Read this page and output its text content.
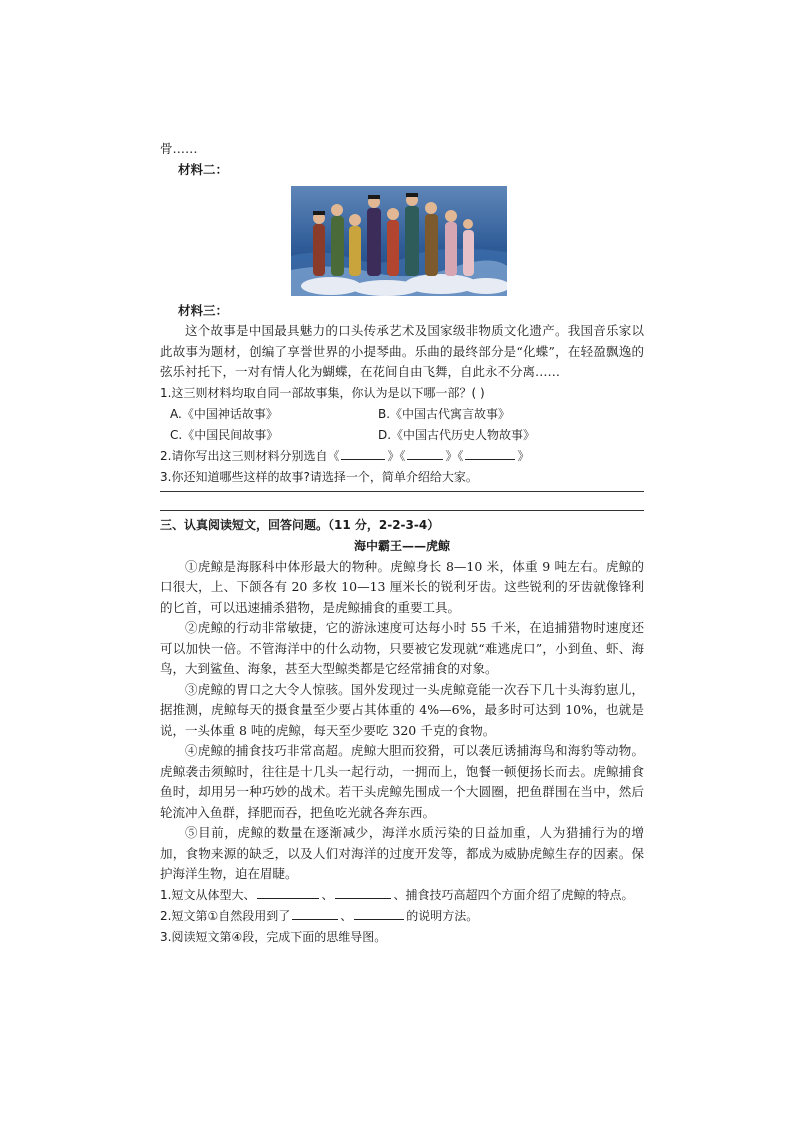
骨……
材料二：
材料三：
这个故事是中国最具魅力的口头传承艺术及国家级非物质文化遗产。我国音乐家以此故事为题材，创编了享誉世界的小提琴曲。乐曲的最终部分是“化蝶”，在轻盈飘逸的弦乐衬托下，一对有情人化为蝴蝶，在花间自由飞舞，自此永不分离……
1.这三则材料均取自同一部故事集，你认为是以下哪一部？( )
A.《中国神话故事》	B.《中国古代寓言故事》
C.《中国民间故事》	D.《中国古代历史人物故事》
2.请你写出这三则材料分别选自《	》《	》《	》
3.你还知道哪些这样的故事?请选择一个，简单介绍给大家。
三、认真阅读短文，回答问题。（11 分，2-2-3-4）
海中霸王——虎鲸
①虎鲸是海豚科中体形最大的物种。虎鲸身长 8—10 米，体重 9 吨左右。虎鲸的口很大，上、下颌各有 20 多枚 10—13 厘米长的锐利牙齿。这些锐利的牙齿就像锋利的匕首，可以迅速捕杀猎物，是虎鲸捕食的重要工具。
②虎鲸的行动非常敏捷，它的游泳速度可达每小时 55 千米，在追捕猎物时速度还可以加快一倍。不管海洋中的什么动物，只要被它发现就“难逃虎口”，小到鱼、虾、海鸟，大到鲨鱼、海象，甚至大型鲸类都是它经常捕食的对象。
③虎鲸的胃口之大令人惊骇。国外发现过一头虎鲸竟能一次吞下几十头海豹崽儿，据推测，虎鲸每天的摄食量至少要占其体重的 4%—6%，最多时可达到 10%，也就是说，一头体重 8 吨的虎鲸，每天至少要吃 320 千克的食物。
④虎鲸的捕食技巧非常高超。虎鲸大胆而狡猾，可以袭厄诱捕海鸟和海豹等动物。虎鲸袭击须鲸时，往往是十几头一起行动，一拥而上，饱餐一顿便扬长而去。虎鲸捕食鱼时，却用另一种巧妙的战术。若干头虎鲸先围成一个大圆圈，把鱼群围在当中，然后轮流冲入鱼群，择肥而吞，把鱼吃光就各奔东西。
⑤目前，虎鲸的数量在逐渐减少，海洋水质污染的日益加重，人为猎捕行为的增加，食物来源的缺乏，以及人们对海洋的过度开发等，都成为威胁虎鲸生存的因素。保护海洋生物，迫在眉睫。
1.短文从体型大、	、	、捕食技巧高超四个方面介绍了虎鲸的特点。
2.短文第①自然段用到了	、	的说明方法。
3.阅读短文第④段，完成下面的思维导图。
